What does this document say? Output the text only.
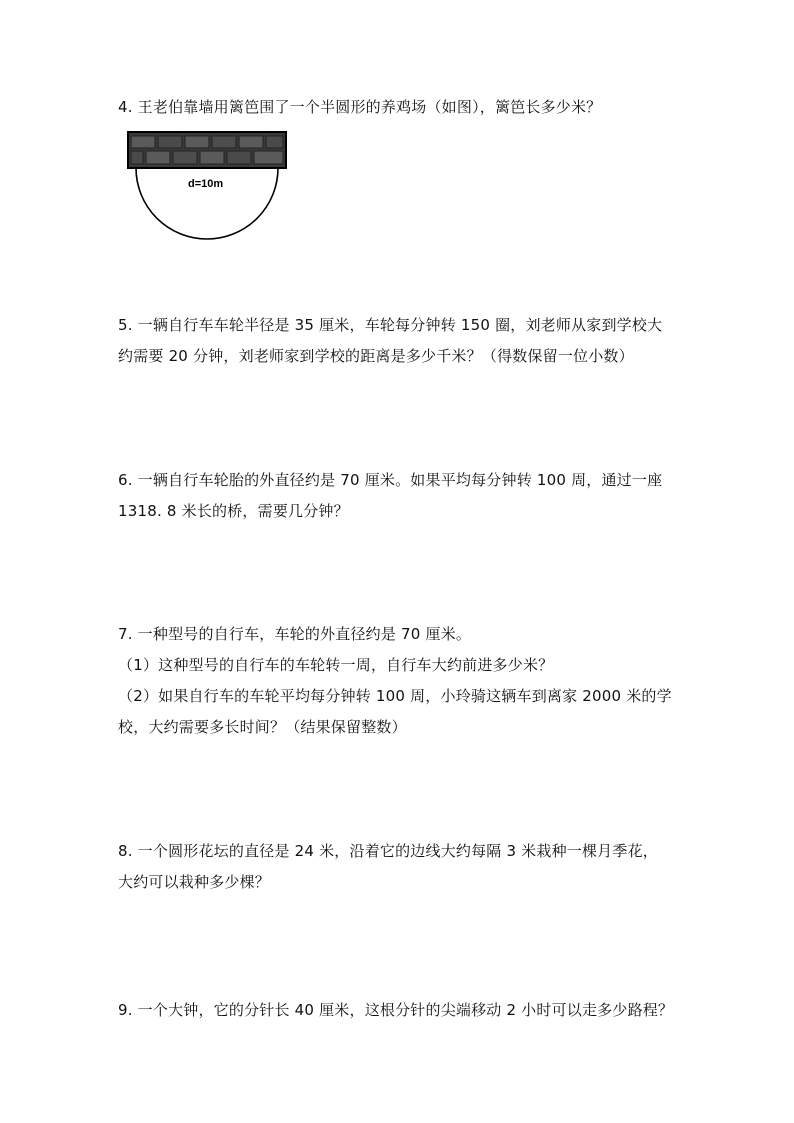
4. 王老伯靠墙用篱笆围了一个半圆形的养鸡场（如图），篱笆长多少米？
d=10m
5. 一辆自行车车轮半径是 35 厘米，车轮每分钟转 150 圈，刘老师从家到学校大
约需要 20 分钟，刘老师家到学校的距离是多少千米？（得数保留一位小数）
6. 一辆自行车轮胎的外直径约是 70 厘米。如果平均每分钟转 100 周，通过一座
1318. 8 米长的桥，需要几分钟？
7. 一种型号的自行车，车轮的外直径约是 70 厘米。
（1）这种型号的自行车的车轮转一周，自行车大约前进多少米？
（2）如果自行车的车轮平均每分钟转 100 周，小玲骑这辆车到离家 2000 米的学
校，大约需要多长时间？（结果保留整数）
8. 一个圆形花坛的直径是 24 米，沿着它的边线大约每隔 3 米栽种一棵月季花，
大约可以栽种多少棵？
9. 一个大钟，它的分针长 40 厘米，这根分针的尖端移动 2 小时可以走多少路程？
